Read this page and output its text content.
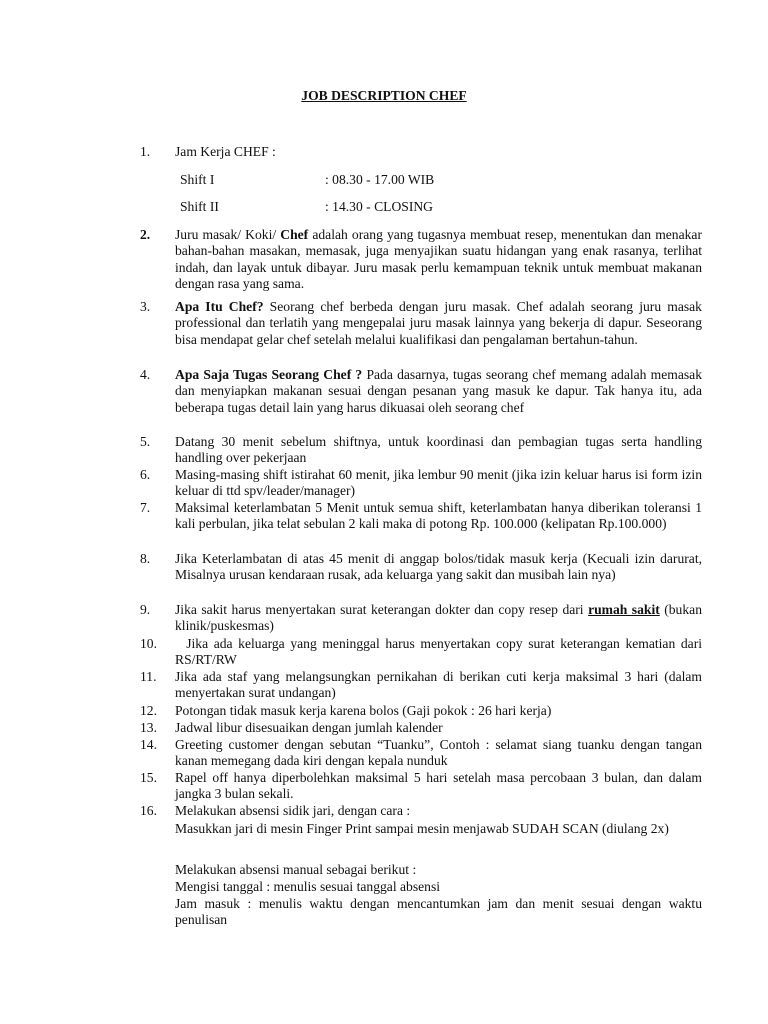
JOB DESCRIPTION CHEF
1.	Jam Kerja CHEF :
Shift I	: 08.30 - 17.00 WIB
Shift II	: 14.30 - CLOSING
2.	Juru masak/ Koki/ Chef adalah orang yang tugasnya membuat resep, menentukan dan menakar bahan-bahan masakan, memasak, juga menyajikan suatu hidangan yang enak rasanya, terlihat indah, dan layak untuk dibayar. Juru masak perlu kemampuan teknik untuk membuat makanan dengan rasa yang sama.
3.	Apa Itu Chef? Seorang chef berbeda dengan juru masak. Chef adalah seorang juru masak professional dan terlatih yang mengepalai juru masak lainnya yang bekerja di dapur. Seseorang bisa mendapat gelar chef setelah melalui kualifikasi dan pengalaman bertahun-tahun.
4.	Apa Saja Tugas Seorang Chef ? Pada dasarnya, tugas seorang chef memang adalah memasak dan menyiapkan makanan sesuai dengan pesanan yang masuk ke dapur. Tak hanya itu, ada beberapa tugas detail lain yang harus dikuasai oleh seorang chef
5.	Datang 30 menit sebelum shiftnya, untuk koordinasi dan pembagian tugas serta handling handling over pekerjaan
6.	Masing-masing shift istirahat 60 menit, jika lembur 90 menit (jika izin keluar harus isi form izin keluar di ttd spv/leader/manager)
7.	Maksimal keterlambatan 5 Menit untuk semua shift, keterlambatan hanya diberikan toleransi 1 kali perbulan, jika telat sebulan 2 kali maka di potong Rp. 100.000 (kelipatan Rp.100.000)
8.	Jika Keterlambatan di atas 45 menit di anggap bolos/tidak masuk kerja (Kecuali izin darurat, Misalnya urusan kendaraan rusak, ada keluarga yang sakit dan musibah lain nya)
9.	Jika sakit harus menyertakan surat keterangan dokter dan copy resep dari rumah sakit (bukan klinik/puskesmas)
10.	Jika ada keluarga yang meninggal harus menyertakan copy surat keterangan kematian dari RS/RT/RW
11.	Jika ada staf yang melangsungkan pernikahan di berikan cuti kerja maksimal 3 hari (dalam menyertakan surat undangan)
12.	Potongan tidak masuk kerja karena bolos (Gaji pokok : 26 hari kerja)
13.	Jadwal libur disesuaikan dengan jumlah kalender
14.	Greeting customer dengan sebutan “Tuanku”, Contoh : selamat siang tuanku dengan tangan kanan memegang dada kiri dengan kepala nunduk
15.	Rapel off hanya diperbolehkan maksimal 5 hari setelah masa percobaan 3 bulan, dan dalam jangka 3 bulan sekali.
16.	Melakukan absensi sidik jari, dengan cara :
Masukkan jari di mesin Finger Print sampai mesin menjawab SUDAH SCAN (diulang 2x)
Melakukan absensi manual sebagai berikut :
Mengisi tanggal : menulis sesuai tanggal absensi
Jam masuk : menulis waktu dengan mencantumkan jam dan menit sesuai dengan waktu penulisan
